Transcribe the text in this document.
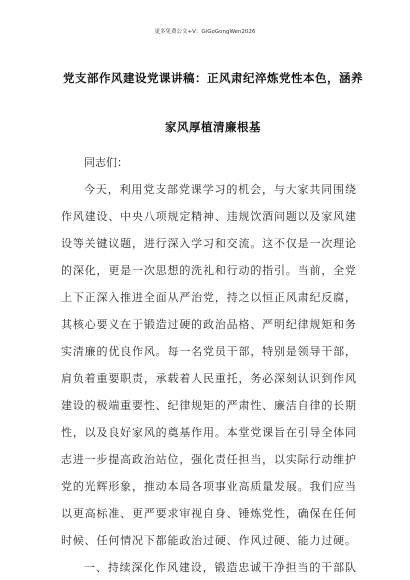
更多免费公文+V：GiGoGongWen2026
党支部作风建设党课讲稿：正风肃纪淬炼党性本色，涵养
家风厚植清廉根基
同志们：
今天，利用党支部党课学习的机会，与大家共同围绕
作风建设、中央八项规定精神、违规饮酒问题以及家风建
设等关键议题，进行深入学习和交流。这不仅是一次理论
的深化，更是一次思想的洗礼和行动的指引。当前，全党
上下正深入推进全面从严治党，持之以恒正风肃纪反腐，
其核心要义在于锻造过硬的政治品格、严明纪律规矩和务
实清廉的优良作风。每一名党员干部，特别是领导干部，
肩负着重要职责，承载着人民重托，务必深刻认识到作风
建设的极端重要性、纪律规矩的严肃性、廉洁自律的长期
性，以及良好家风的奠基作用。本堂党课旨在引导全体同
志进一步提高政治站位，强化责任担当，以实际行动维护
党的光辉形象，推动本局各项事业高质量发展。我们应当
以更高标准、更严要求审视自身、锤炼党性，确保在任何
时候、任何情况下都能政治过硬、作风过硬、能力过硬。
一、持续深化作风建设，锻造忠诚干净担当的干部队
